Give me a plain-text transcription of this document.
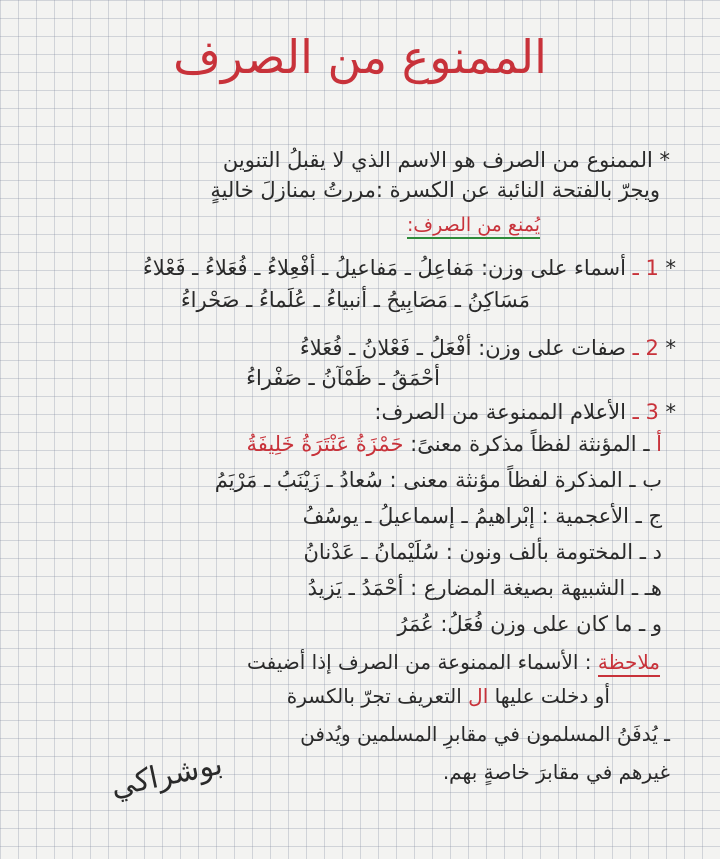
الممنوع من الصرف
* الممنوع من الصرف هو الاسم الذي لا يقبلُ التنوين
ويجرّ بالفتحة النائبة عن الكسرة :مررتُ بمنازلَ خاليةٍ
يُمنع من الصرف:
* 1 ـ أسماء على وزن: مَفاعِلُ ـ مَفاعيلُ ـ أفْعِلاءُ ـ فُعَلاءُ ـ فَعْلاءُ
مَسَاكِنُ ـ مَصَابِيحُ ـ أنبياءُ ـ عُلَماءُ ـ صَحْراءُ
* 2 ـ صفات على وزن: أفْعَلُ ـ فَعْلانُ ـ فُعَلاءُ
أحْمَقُ ـ ظَمْآنُ ـ صَفْراءُ
* 3 ـ الأعلام الممنوعة من الصرف:
أ ـ المؤنثة لفظاً مذكرة معنىً: حَمْزَةُ عَنْتَرَةُ خَلِيفَةُ
ب ـ المذكرة لفظاً مؤنثة معنى : سُعادُ ـ زَيْنَبُ ـ مَرْيَمُ
ج ـ الأعجمية : إبْراهيمُ ـ إسماعيلُ ـ يوسُفُ
د ـ المختومة بألف ونون : سُلَيْمانُ ـ عَدْنانُ
هـ ـ الشبيهة بصيغة المضارع : أحْمَدُ ـ يَزيدُ
و ـ ما كان على وزن فُعَلُ: عُمَرُ
ملاحظة : الأسماء الممنوعة من الصرف إذا أضيفت
أو دخلت عليها ال التعريف تجرّ بالكسرة
ـ يُدفَنُ المسلمون في مقابرِ المسلمين ويُدفن
غيرهم في مقابرَ خاصةٍ بهم.
بوشراكي
